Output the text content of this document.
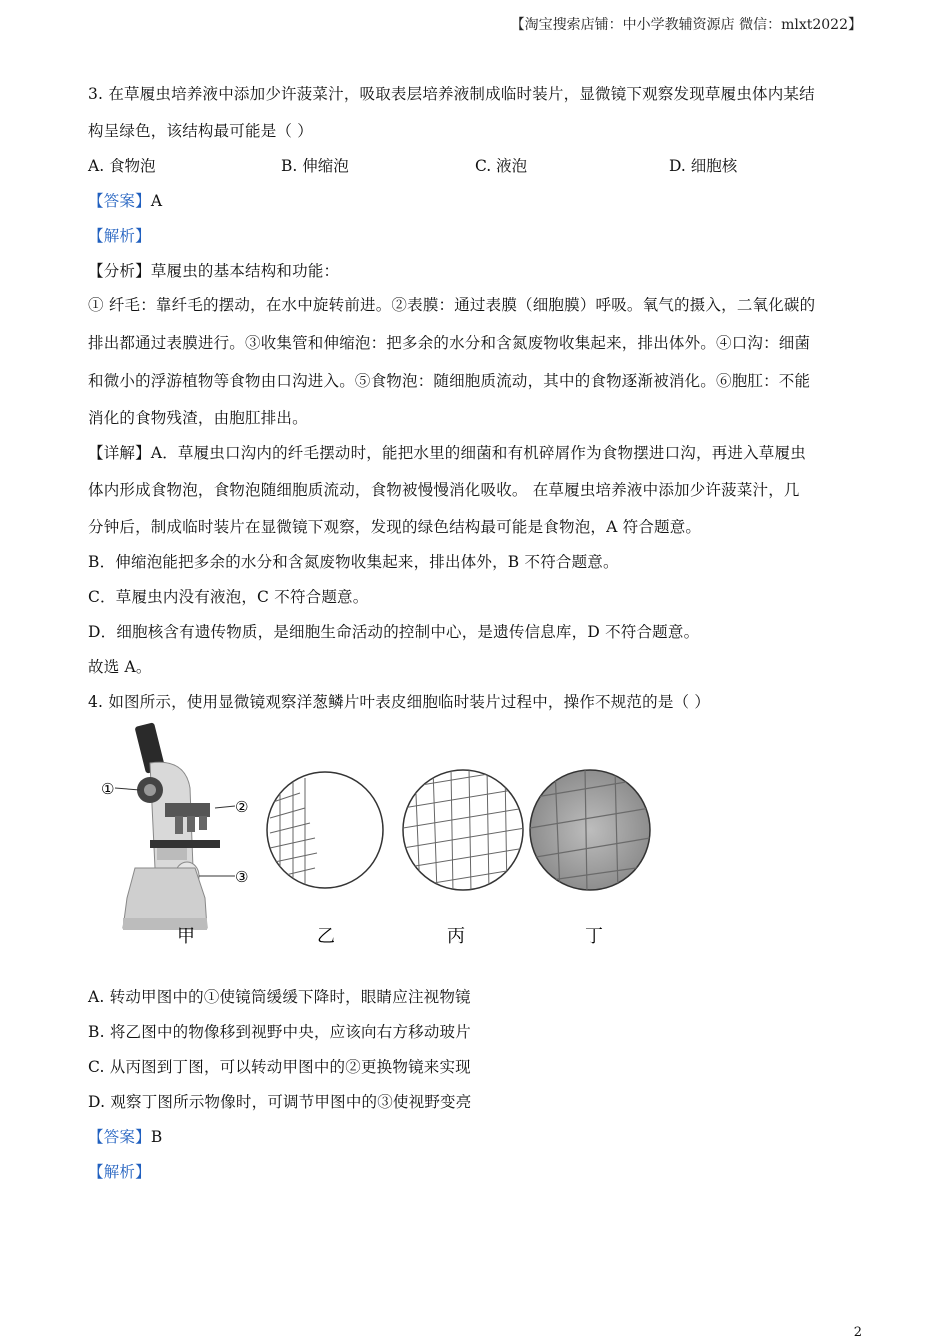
【淘宝搜索店铺：中小学教辅资源店 微信：mlxt2022】
3. 在草履虫培养液中添加少许菠菜汁，吸取表层培养液制成临时装片，显微镜下观察发现草履虫体内某结
构呈绿色，该结构最可能是（ ）
A. 食物泡	B. 伸缩泡	C. 液泡	D. 细胞核
【答案】A
【解析】
【分析】草履虫的基本结构和功能：
① 纤毛：靠纤毛的摆动，在水中旋转前进。②表膜：通过表膜（细胞膜）呼吸。氧气的摄入，二氧化碳的
排出都通过表膜进行。③收集管和伸缩泡：把多余的水分和含氮废物收集起来，排出体外。④口沟：细菌
和微小的浮游植物等食物由口沟进入。⑤食物泡：随细胞质流动，其中的食物逐渐被消化。⑥胞肛：不能
消化的食物残渣，由胞肛排出。
【详解】A．草履虫口沟内的纤毛摆动时，能把水里的细菌和有机碎屑作为食物摆进口沟，再进入草履虫
体内形成食物泡，食物泡随细胞质流动，食物被慢慢消化吸收。 在草履虫培养液中添加少许菠菜汁，几
分钟后，制成临时装片在显微镜下观察，发现的绿色结构最可能是食物泡，A 符合题意。
B．伸缩泡能把多余的水分和含氮废物收集起来，排出体外，B 不符合题意。
C．草履虫内没有液泡，C 不符合题意。
D．细胞核含有遗传物质，是细胞生命活动的控制中心，是遗传信息库，D 不符合题意。
故选 A。
4. 如图所示，使用显微镜观察洋葱鳞片叶表皮细胞临时装片过程中，操作不规范的是（ ）
①
②
③
甲	乙	丙	丁
A. 转动甲图中的①使镜筒缓缓下降时，眼睛应注视物镜
B. 将乙图中的物像移到视野中央，应该向右方移动玻片
C. 从丙图到丁图，可以转动甲图中的②更换物镜来实现
D. 观察丁图所示物像时，可调节甲图中的③使视野变亮
【答案】B
【解析】
2
